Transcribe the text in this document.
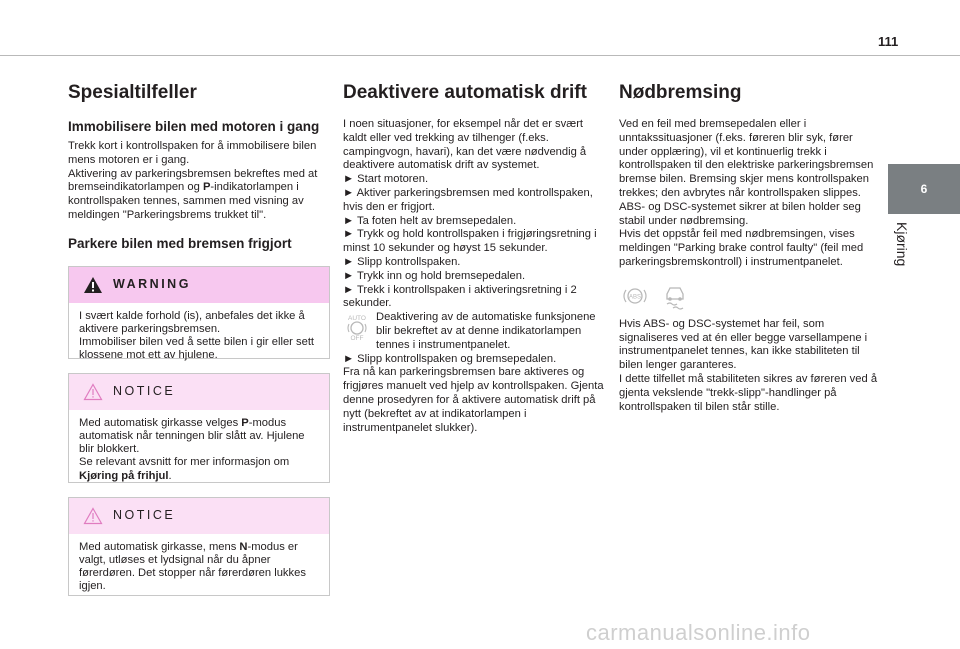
111
6
Kjøring
Spesialtilfeller
Immobilisere bilen med motoren i gang

Trekk kort i kontrollspaken for å immobilisere bilen mens motoren er i gang.

Aktivering av parkeringsbremsen bekreftes med at bremseindikatorlampen og P-indikatorlampen i kontrollspaken tennes, sammen med visning av meldingen "Parkeringsbrems trukket til".

Parkere bilen med bremsen frigjort
WARNING

I svært kalde forhold (is), anbefales det ikke å aktivere parkeringsbremsen.

Immobiliser bilen ved å sette bilen i gir eller sett klossene mot ett av hjulene.

NOTICE

Med automatisk girkasse velges P-modus automatisk når tenningen blir slått av. Hjulene blir blokkert.

Se relevant avsnitt for mer informasjon om Kjøring på frihjul.

NOTICE

Med automatisk girkasse, mens N-modus er valgt, utløses et lydsignal når du åpner førerdøren. Det stopper når førerdøren lukkes igjen.

Deaktivere automatisk drift

I noen situasjoner, for eksempel når det er svært kaldt eller ved trekking av tilhenger (f.eks. campingvogn, havari), kan det være nødvendig å deaktivere automatisk drift av systemet.

► Start motoren.

► Aktiver parkeringsbremsen med kontrollspaken, hvis den er frigjort.

► Ta foten helt av bremsepedalen.

► Trykk og hold kontrollspaken i frigjøringsretning i minst 10 sekunder og høyst 15 sekunder.

► Slipp kontrollspaken.

► Trykk inn og hold bremsepedalen.

► Trekk i kontrollspaken i aktiveringsretning i 2 sekunder.

AUTO
OFF
Deaktivering av de automatiske funksjonene blir bekreftet av at denne indikatorlampen tennes i instrumentpanelet.

► Slipp kontrollspaken og bremsepedalen.

Fra nå kan parkeringsbremsen bare aktiveres og frigjøres manuelt ved hjelp av kontrollspaken. Gjenta denne prosedyren for å aktivere automatisk drift på nytt (bekreftet av at indikatorlampen i instrumentpanelet slukker).

Nødbremsing

Ved en feil med bremsepedalen eller i unntakssituasjoner (f.eks. føreren blir syk, fører under opplæring), vil et kontinuerlig trekk i kontrollspaken til den elektriske parkeringsbremsen bremse bilen. Bremsing skjer mens kontrollspaken trekkes; den avbrytes når kontrollspaken slippes.

ABS- og DSC-systemet sikrer at bilen holder seg stabil under nødbremsing.

Hvis det oppstår feil med nødbremsingen, vises meldingen "Parking brake control faulty" (feil med parkeringsbremskontroll) i instrumentpanelet.

ABS

Hvis ABS- og DSC-systemet har feil, som signaliseres ved at én eller begge varsellampene i instrumentpanelet tennes, kan ikke stabiliteten til bilen lenger garanteres.

I dette tilfellet må stabiliteten sikres av føreren ved å gjenta vekslende "trekk-slipp"-handlinger på kontrollspaken til bilen står stille.

carmanualsonline.info
